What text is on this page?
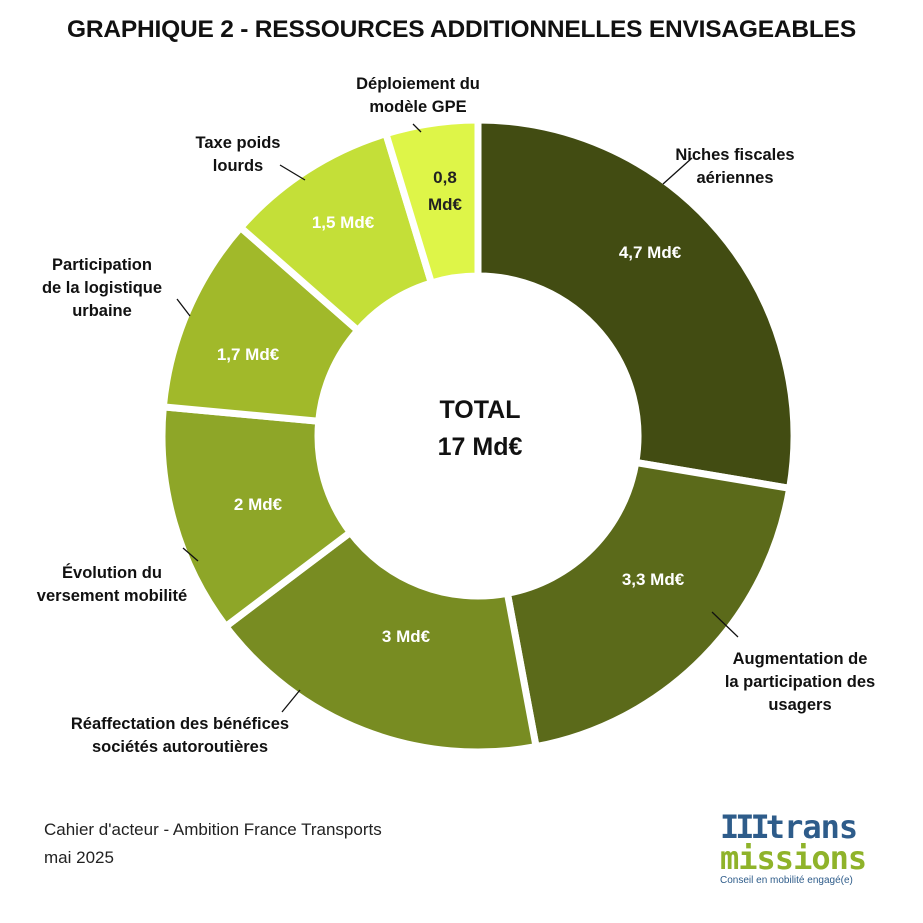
GRAPHIQUE 2 - RESSOURCES ADDITIONNELLES ENVISAGEABLES
4,7 Md€
3,3 Md€
3 Md€
2 Md€
1,7 Md€
1,5 Md€
0,8 Md€
Niches fiscales aériennes
Augmentation de la participation des usagers
Réaffectation des bénéfices sociétés autoroutières
Évolution du versement mobilité
Participation de la logistique urbaine
Taxe poids lourds
Déploiement du modèle GPE
TOTAL
17 Md€
Cahier d'acteur - Ambition France Transports
mai 2025
IIItrans
missions
Conseil en mobilité engagé(e)
